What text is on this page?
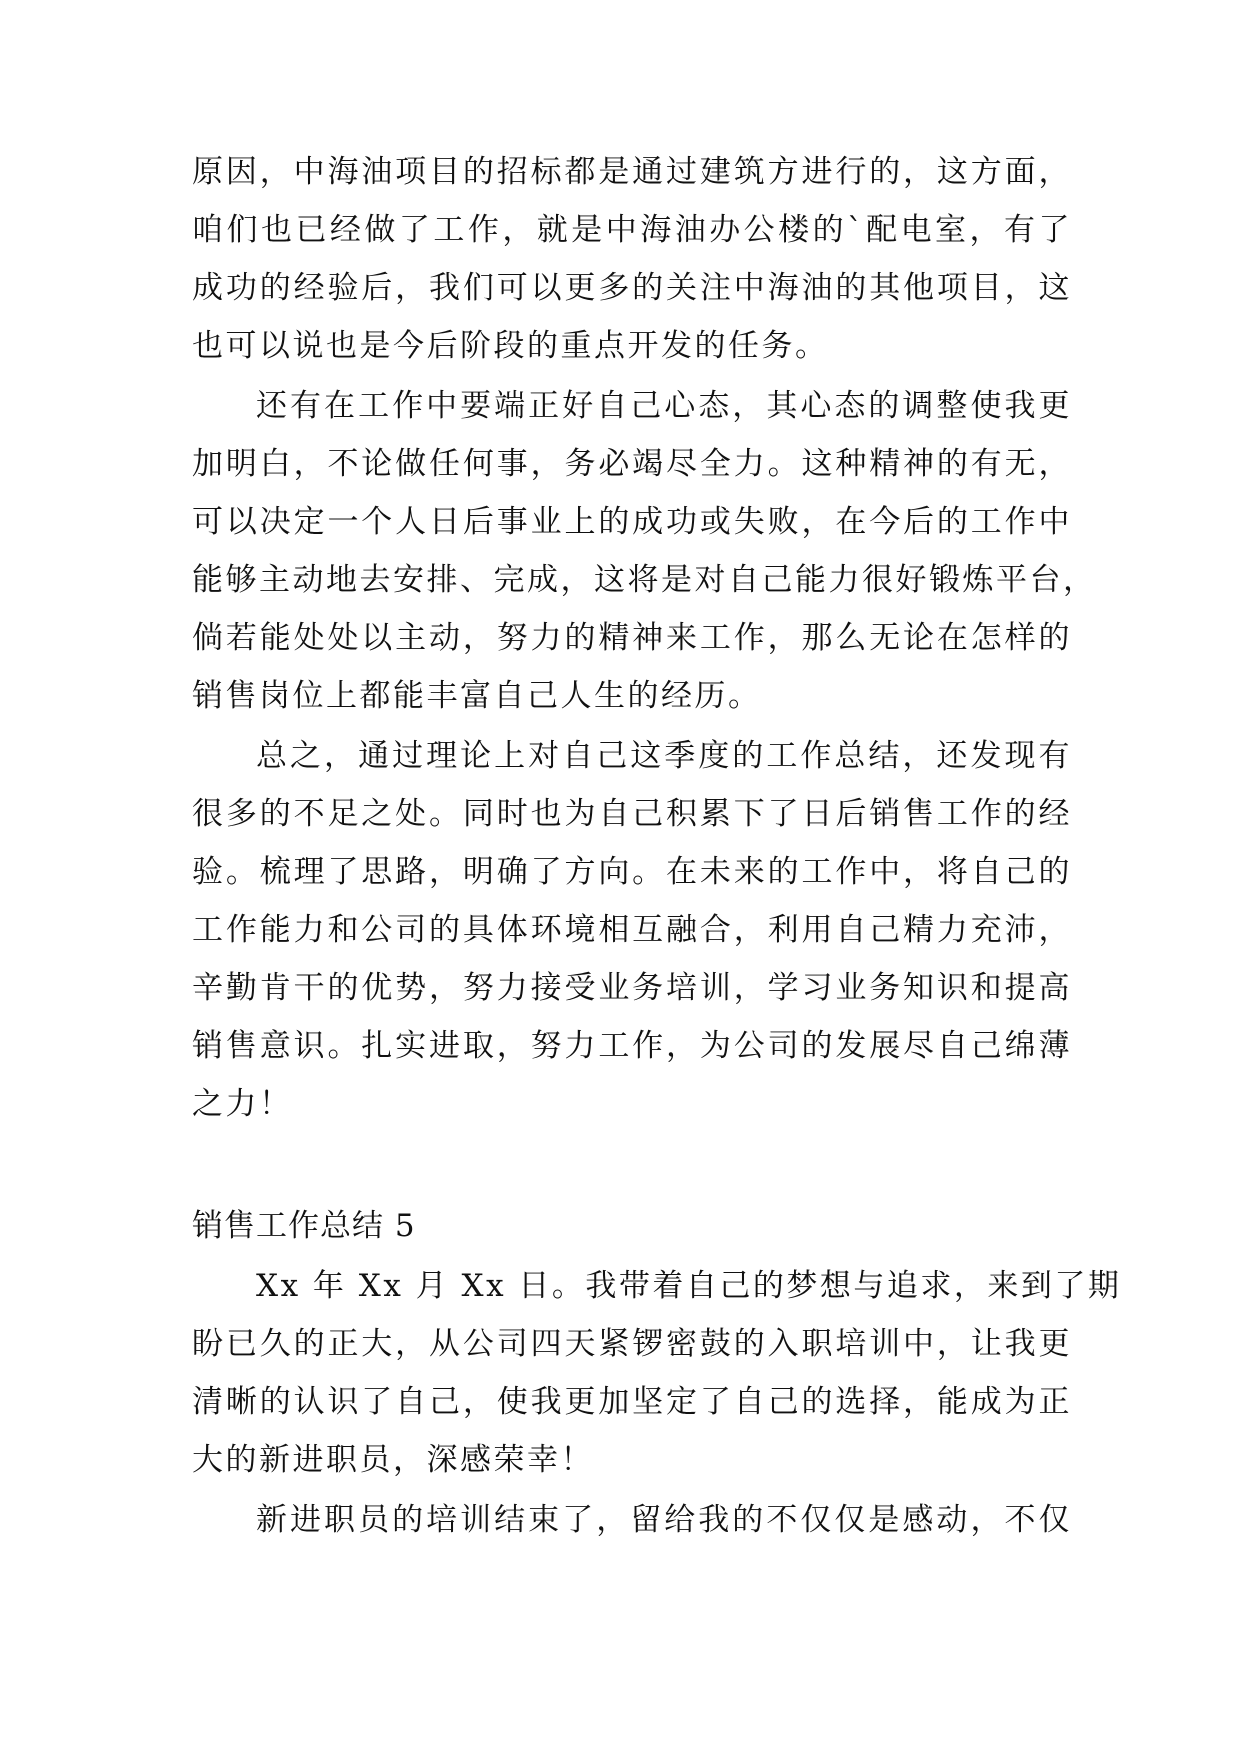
原因，中海油项目的招标都是通过建筑方进行的，这方面，
咱们也已经做了工作，就是中海油办公楼的`配电室，有了
成功的经验后，我们可以更多的关注中海油的其他项目，这
也可以说也是今后阶段的重点开发的任务。
还有在工作中要端正好自己心态，其心态的调整使我更
加明白，不论做任何事，务必竭尽全力。这种精神的有无，
可以决定一个人日后事业上的成功或失败，在今后的工作中
能够主动地去安排、完成，这将是对自己能力很好锻炼平台，
倘若能处处以主动，努力的精神来工作，那么无论在怎样的
销售岗位上都能丰富自己人生的经历。
总之，通过理论上对自己这季度的工作总结，还发现有
很多的不足之处。同时也为自己积累下了日后销售工作的经
验。梳理了思路，明确了方向。在未来的工作中，将自己的
工作能力和公司的具体环境相互融合，利用自己精力充沛，
辛勤肯干的优势，努力接受业务培训，学习业务知识和提高
销售意识。扎实进取，努力工作，为公司的发展尽自己绵薄
之力！
销售工作总结 5
Xx 年 Xx 月 Xx 日。我带着自己的梦想与追求，来到了期
盼已久的正大，从公司四天紧锣密鼓的入职培训中，让我更
清晰的认识了自己，使我更加坚定了自己的选择，能成为正
大的新进职员，深感荣幸！
新进职员的培训结束了，留给我的不仅仅是感动，不仅
